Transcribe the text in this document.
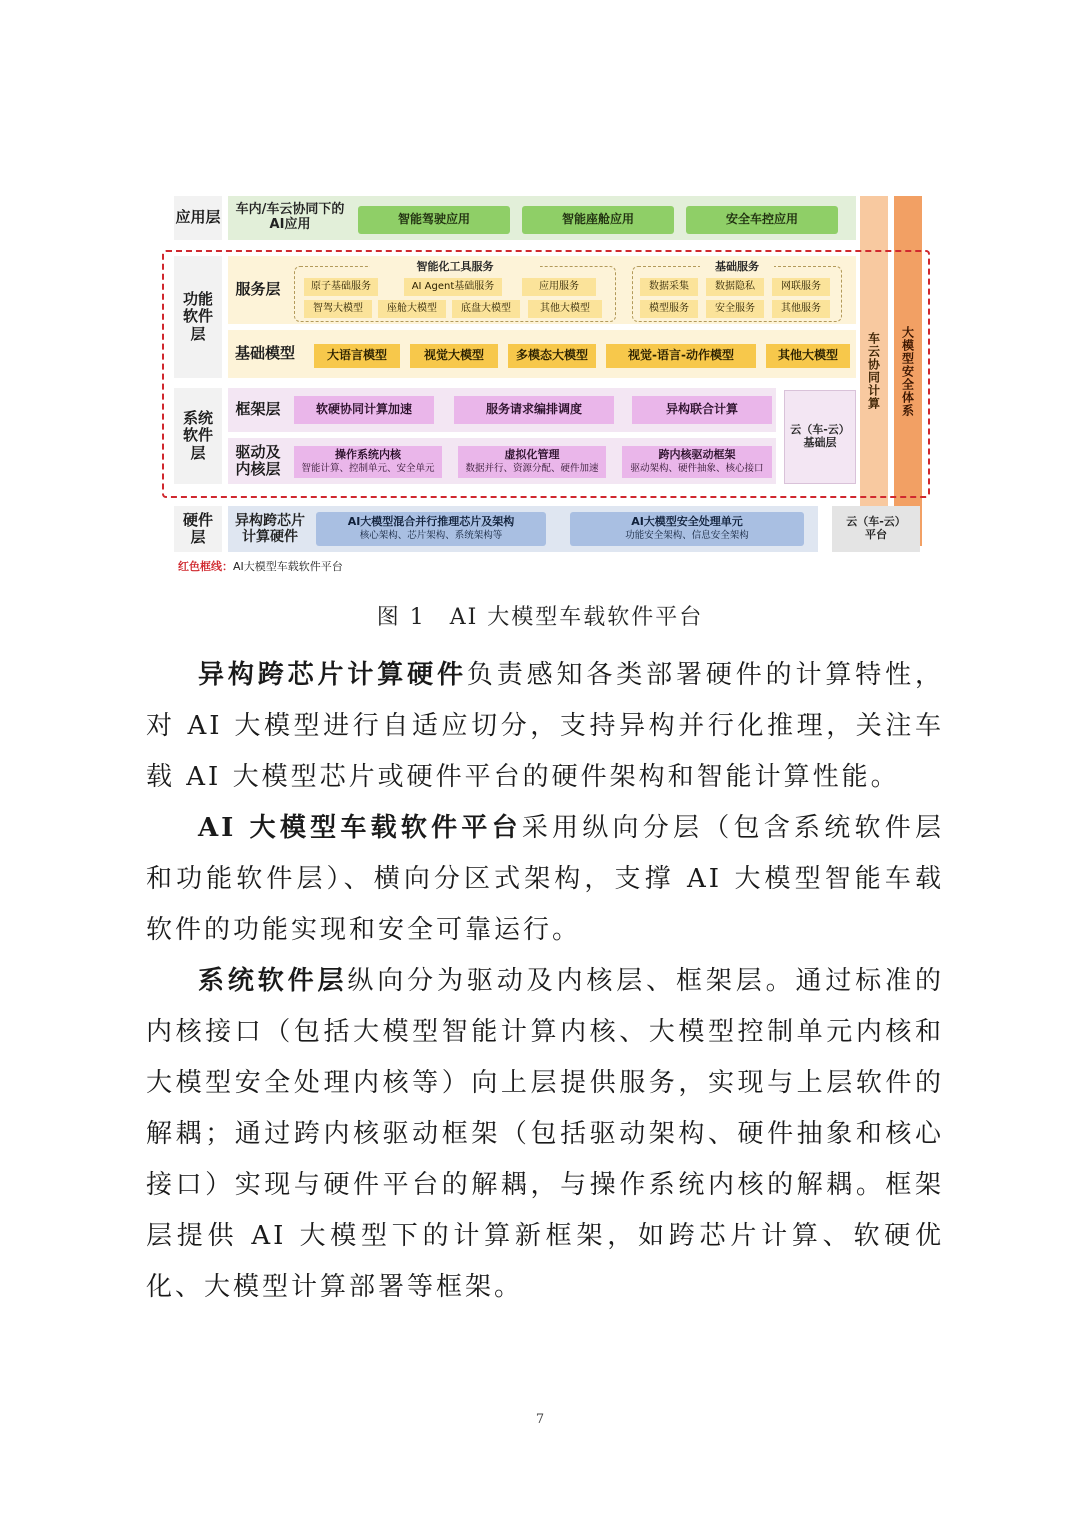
车云协同计算	大模型安全体系
应用层	车内/车云协同下的AI应用	智能驾驶应用	智能座舱应用	安全车控应用
功能软件层
服务层
智能化工具服务
原子基础服务	AI Agent基础服务	应用服务
智驾大模型	座舱大模型	底盘大模型	其他大模型
基础服务
数据采集	数据隐私	网联服务
模型服务	安全服务	其他服务
基础模型	大语言模型	视觉大模型	多模态大模型	视觉-语言-动作模型	其他大模型
系统软件层
框架层	软硬协同计算加速	服务请求编排调度	异构联合计算
驱动及内核层
操作系统内核
智能计算、控制单元、安全单元
虚拟化管理
数据并行、资源分配、硬件加速
跨内核驱动框架
驱动架构、硬件抽象、核心接口
云（车-云）基础层
硬件层
异构跨芯片计算硬件
AI大模型混合并行推理芯片及架构
核心架构、芯片架构、系统架构等
AI大模型安全处理单元
功能安全架构、信息安全架构
云（车-云）平台
红色框线：AI大模型车载软件平台
图 1　AI 大模型车载软件平台

异构跨芯片计算硬件负责感知各类部署硬件的计算特性，对 AI 大模型进行自适应切分，支持异构并行化推理，关注车载 AI 大模型芯片或硬件平台的硬件架构和智能计算性能。

AI 大模型车载软件平台采用纵向分层（包含系统软件层和功能软件层）、横向分区式架构，支撑 AI 大模型智能车载软件的功能实现和安全可靠运行。

系统软件层纵向分为驱动及内核层、框架层。通过标准的内核接口（包括大模型智能计算内核、大模型控制单元内核和大模型安全处理内核等）向上层提供服务，实现与上层软件的解耦；通过跨内核驱动框架（包括驱动架构、硬件抽象和核心接口）实现与硬件平台的解耦，与操作系统内核的解耦。框架层提供 AI 大模型下的计算新框架，如跨芯片计算、软硬优化、大模型计算部署等框架。

7
